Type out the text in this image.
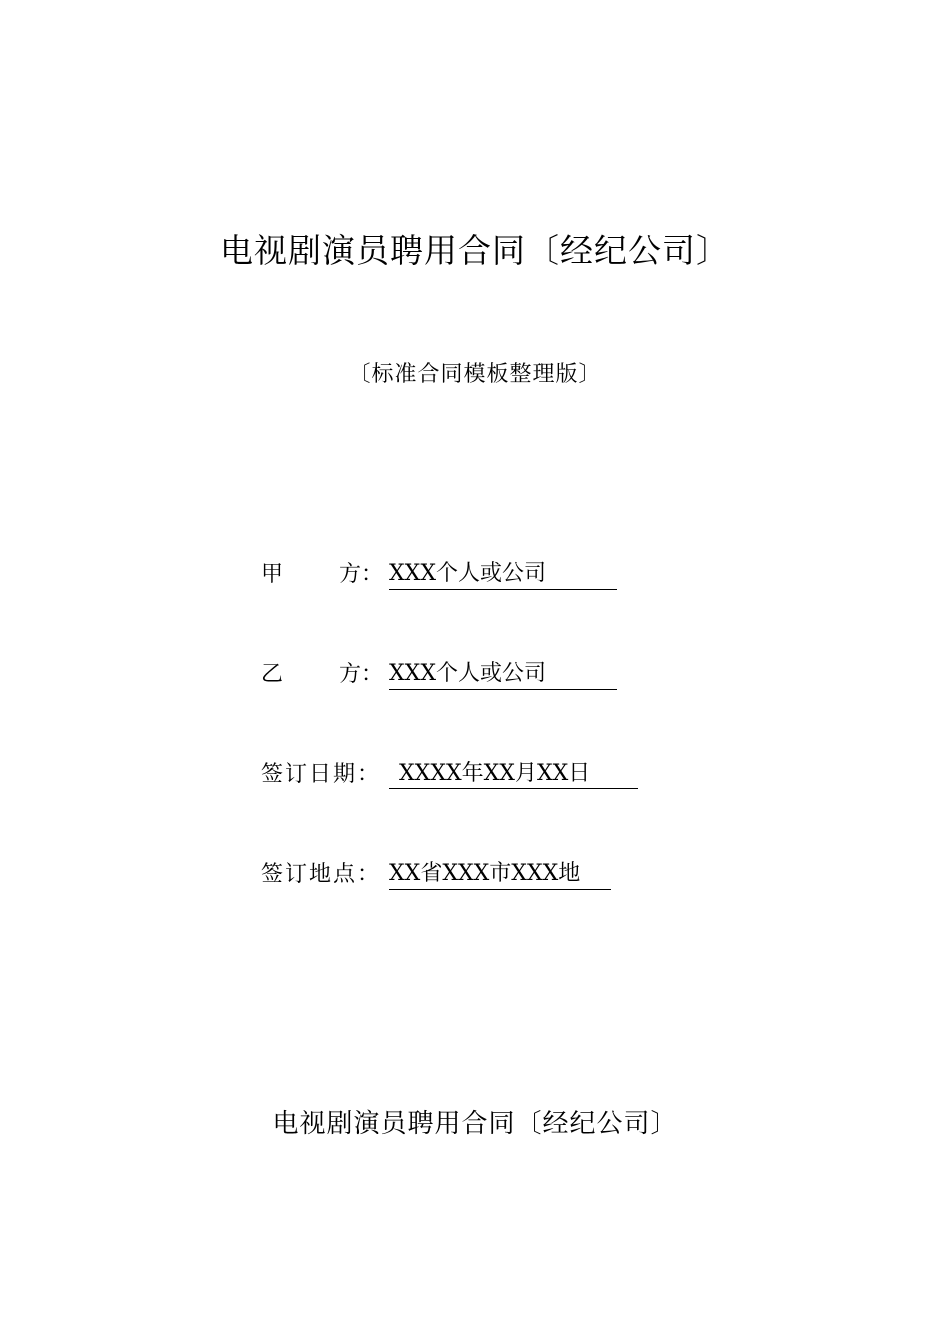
电视剧演员聘用合同〔经纪公司〕
〔标准合同模板整理版〕
甲	方： XXX个人或公司
乙	方： XXX个人或公司
签订日期： XXXX年XX月XX日
签订地点： XX省XXX市XXX地
电视剧演员聘用合同〔经纪公司〕
